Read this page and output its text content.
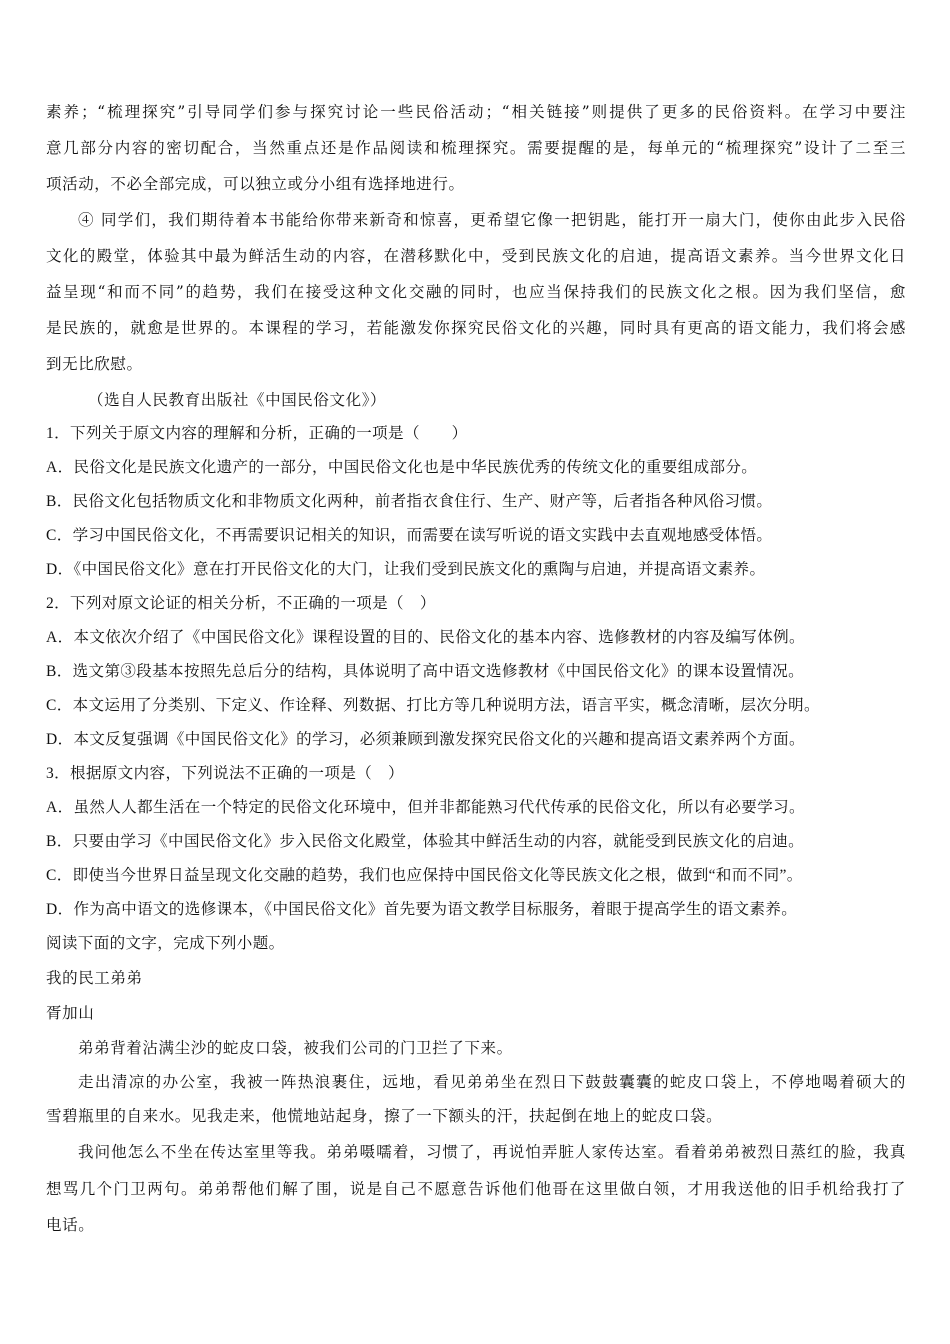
素养；“梳理探究”引导同学们参与探究讨论一些民俗活动；“相关链接”则提供了更多的民俗资料。在学习中要注
意几部分内容的密切配合，当然重点还是作品阅读和梳理探究。需要提醒的是，每单元的“梳理探究”设计了二至三
项活动，不必全部完成，可以独立或分小组有选择地进行。
④ 同学们，我们期待着本书能给你带来新奇和惊喜，更希望它像一把钥匙，能打开一扇大门，使你由此步入民俗
文化的殿堂，体验其中最为鲜活生动的内容，在潜移默化中，受到民族文化的启迪，提高语文素养。当今世界文化日
益呈现“和而不同”的趋势，我们在接受这种文化交融的同时，也应当保持我们的民族文化之根。因为我们坚信，愈
是民族的，就愈是世界的。本课程的学习，若能激发你探究民俗文化的兴趣，同时具有更高的语文能力，我们将会感
到无比欣慰。
（选自人民教育出版社《中国民俗文化》）
1．下列关于原文内容的理解和分析，正确的一项是（　　）
A．民俗文化是民族文化遗产的一部分，中国民俗文化也是中华民族优秀的传统文化的重要组成部分。
B．民俗文化包括物质文化和非物质文化两种，前者指衣食住行、生产、财产等，后者指各种风俗习惯。
C．学习中国民俗文化，不再需要识记相关的知识，而需要在读写听说的语文实践中去直观地感受体悟。
D．《中国民俗文化》意在打开民俗文化的大门，让我们受到民族文化的熏陶与启迪，并提高语文素养。
2．下列对原文论证的相关分析，不正确的一项是（　）
A．本文依次介绍了《中国民俗文化》课程设置的目的、民俗文化的基本内容、选修教材的内容及编写体例。
B．选文第③段基本按照先总后分的结构，具体说明了高中语文选修教材《中国民俗文化》的课本设置情况。
C．本文运用了分类别、下定义、作诠释、列数据、打比方等几种说明方法，语言平实，概念清晰，层次分明。
D．本文反复强调《中国民俗文化》的学习，必须兼顾到激发探究民俗文化的兴趣和提高语文素养两个方面。
3．根据原文内容，下列说法不正确的一项是（　）
A．虽然人人都生活在一个特定的民俗文化环境中，但并非都能熟习代代传承的民俗文化，所以有必要学习。
B．只要由学习《中国民俗文化》步入民俗文化殿堂，体验其中鲜活生动的内容，就能受到民族文化的启迪。
C．即使当今世界日益呈现文化交融的趋势，我们也应保持中国民俗文化等民族文化之根，做到“和而不同”。
D．作为高中语文的选修课本，《中国民俗文化》首先要为语文教学目标服务，着眼于提高学生的语文素养。
阅读下面的文字，完成下列小题。
我的民工弟弟
胥加山
弟弟背着沾满尘沙的蛇皮口袋，被我们公司的门卫拦了下来。
走出清凉的办公室，我被一阵热浪裹住，远地，看见弟弟坐在烈日下鼓鼓囊囊的蛇皮口袋上，不停地喝着硕大的
雪碧瓶里的自来水。见我走来，他慌地站起身，擦了一下额头的汗，扶起倒在地上的蛇皮口袋。
我问他怎么不坐在传达室里等我。弟弟嗫嚅着，习惯了，再说怕弄脏人家传达室。看着弟弟被烈日蒸红的脸，我真
想骂几个门卫两句。弟弟帮他们解了围，说是自己不愿意告诉他们他哥在这里做白领，才用我送他的旧手机给我打了
电话。
